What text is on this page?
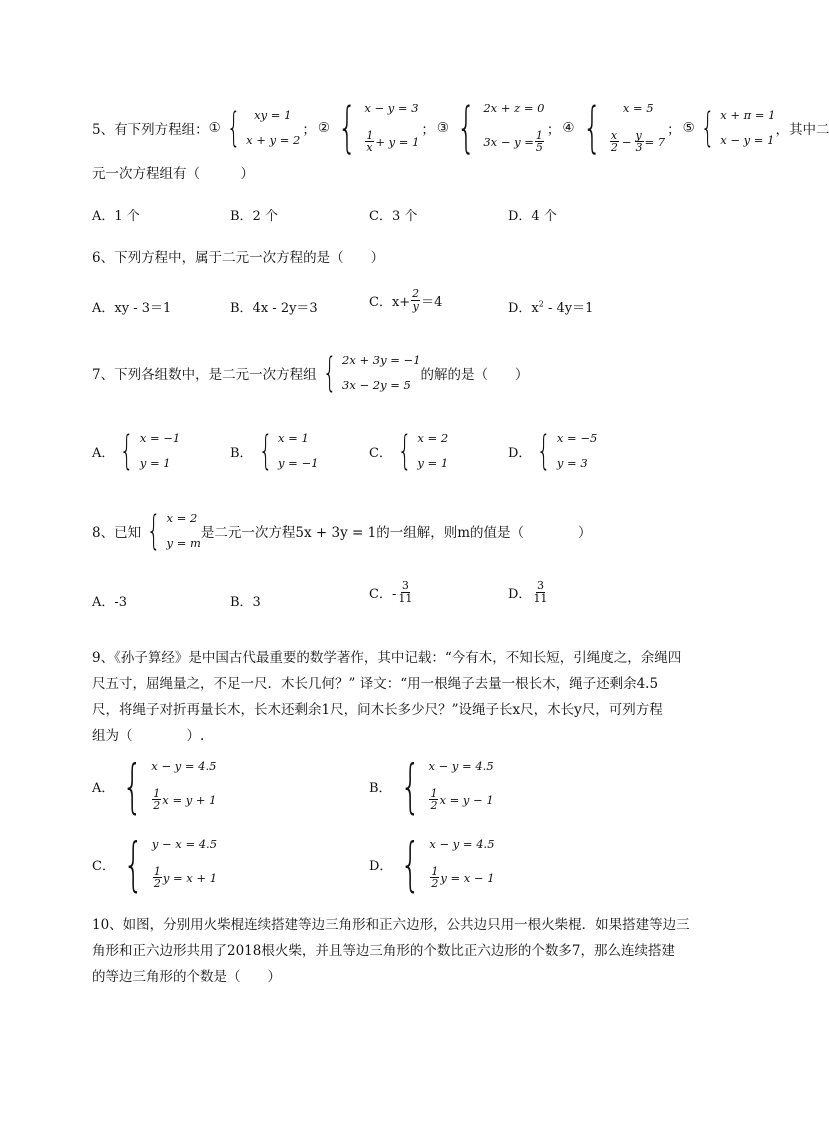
5、有下列方程组： ① {	xy = 1
x + y = 2
； ② { x − y = 3
$\frac{1}{x} + y = 1$
； ③ { 2x + z = 0
$3x - y = \frac{1}{5}$ ； ④ {	x = 5
$\frac{x}{2} - \frac{y}{3} = 7$
； ⑤ { x + π = 1
x − y = 1
，其中二
元一次方程组有（　　　）
A．1 个	B．2 个	C．3 个	D．4 个
6、下列方程中，属于二元一次方程的是（　　）
A．xy - 3＝1	B．4x - 2y＝3	C．$x+ \frac{2}{y} =4$	D．$x^2 - 4y=1$
7、下列各组数中，是二元一次方程组 { 2x + 3y = −1
3x − 2y = 5
的解的是（　　）
A． { x = −1
y = 1
B． { x = 1
y = −1
C． { x = 2
y = 1
D． { x = −5
y = 3
8、已知 { x = 2
y = m
是二元一次方程5x + 3y = 1的一组解，则m的值是（　　　　）
A．-3	B．3
C．- $\frac{3}{11}$	D． $\frac{3}{11}$
9、《孙子算经》是中国古代最重要的数学著作，其中记载：“今有木，不知长短，引绳度之，余绳四
尺五寸，屈绳量之，不足一尺．木长几何？” 译文：“用一根绳子去量一根长木，绳子还剩余4.5
尺，将绳子对折再量长木，长木还剩余1尺，问木长多少尺？”设绳子长x尺，木长y尺，可列方程
组为（　　　　）.
A． { x − y = 4.5
$\frac{1}{2}$ x = y + 1
B． { x − y = 4.5
$\frac{1}{2}$ x = y − 1
C． { y − x = 4.5
$\frac{1}{2}$ y = x + 1
D． { x − y = 4.5
$\frac{1}{2}$ y = x − 1
10、如图，分别用火柴棍连续搭建等边三角形和正六边形，公共边只用一根火柴棍．如果搭建等边三
角形和正六边形共用了2018根火柴，并且等边三角形的个数比正六边形的个数多7，那么连续搭建
的等边三角形的个数是（　　）
